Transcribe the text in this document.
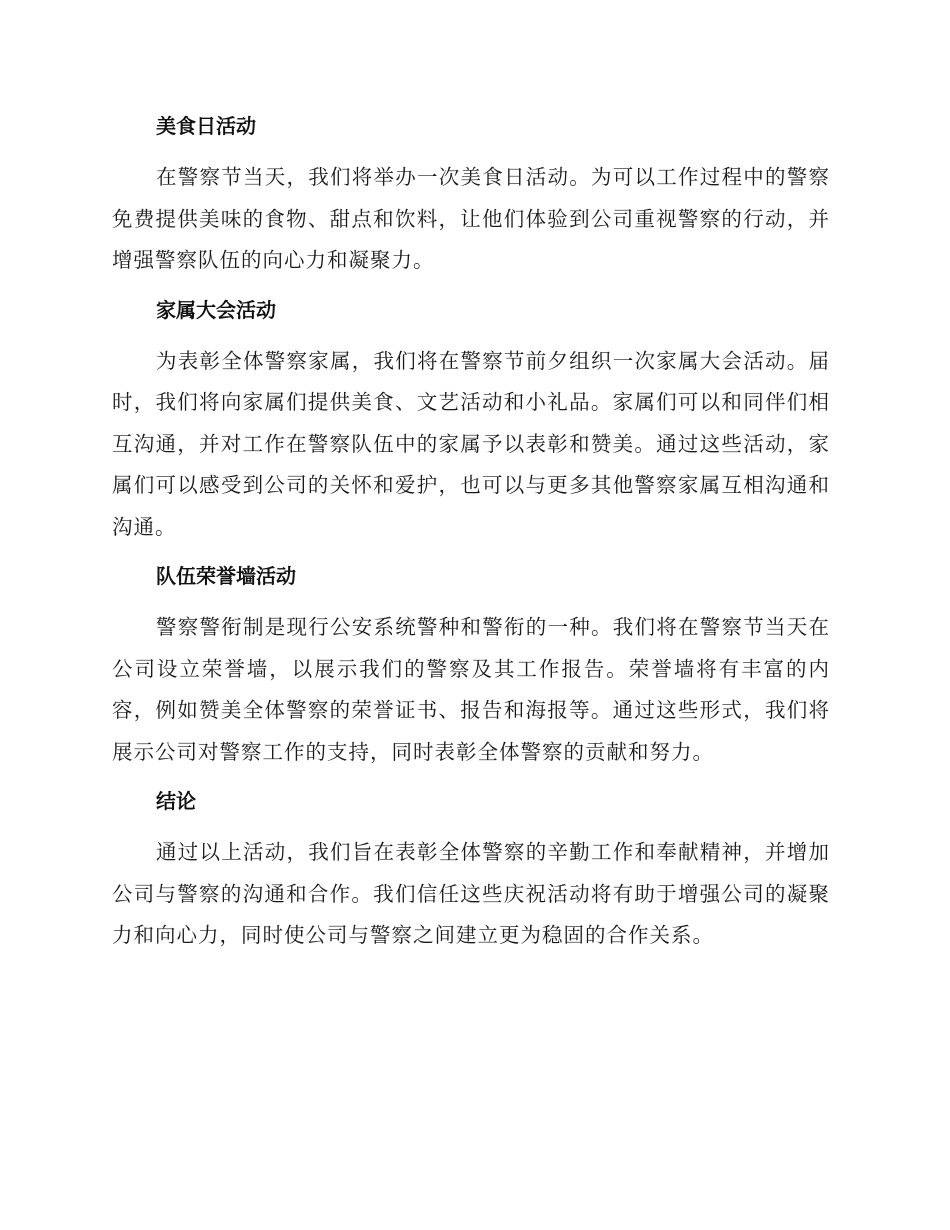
美食日活动

在警察节当天，我们将举办一次美食日活动。为可以工作过程中的警察免费提供美味的食物、甜点和饮料，让他们体验到公司重视警察的行动，并增强警察队伍的向心力和凝聚力。

家属大会活动

为表彰全体警察家属，我们将在警察节前夕组织一次家属大会活动。届时，我们将向家属们提供美食、文艺活动和小礼品。家属们可以和同伴们相互沟通，并对工作在警察队伍中的家属予以表彰和赞美。通过这些活动，家属们可以感受到公司的关怀和爱护，也可以与更多其他警察家属互相沟通和沟通。

队伍荣誉墙活动

警察警衔制是现行公安系统警种和警衔的一种。我们将在警察节当天在公司设立荣誉墙，以展示我们的警察及其工作报告。荣誉墙将有丰富的内容，例如赞美全体警察的荣誉证书、报告和海报等。通过这些形式，我们将展示公司对警察工作的支持，同时表彰全体警察的贡献和努力。

结论

通过以上活动，我们旨在表彰全体警察的辛勤工作和奉献精神，并增加公司与警察的沟通和合作。我们信任这些庆祝活动将有助于增强公司的凝聚力和向心力，同时使公司与警察之间建立更为稳固的合作关系。
